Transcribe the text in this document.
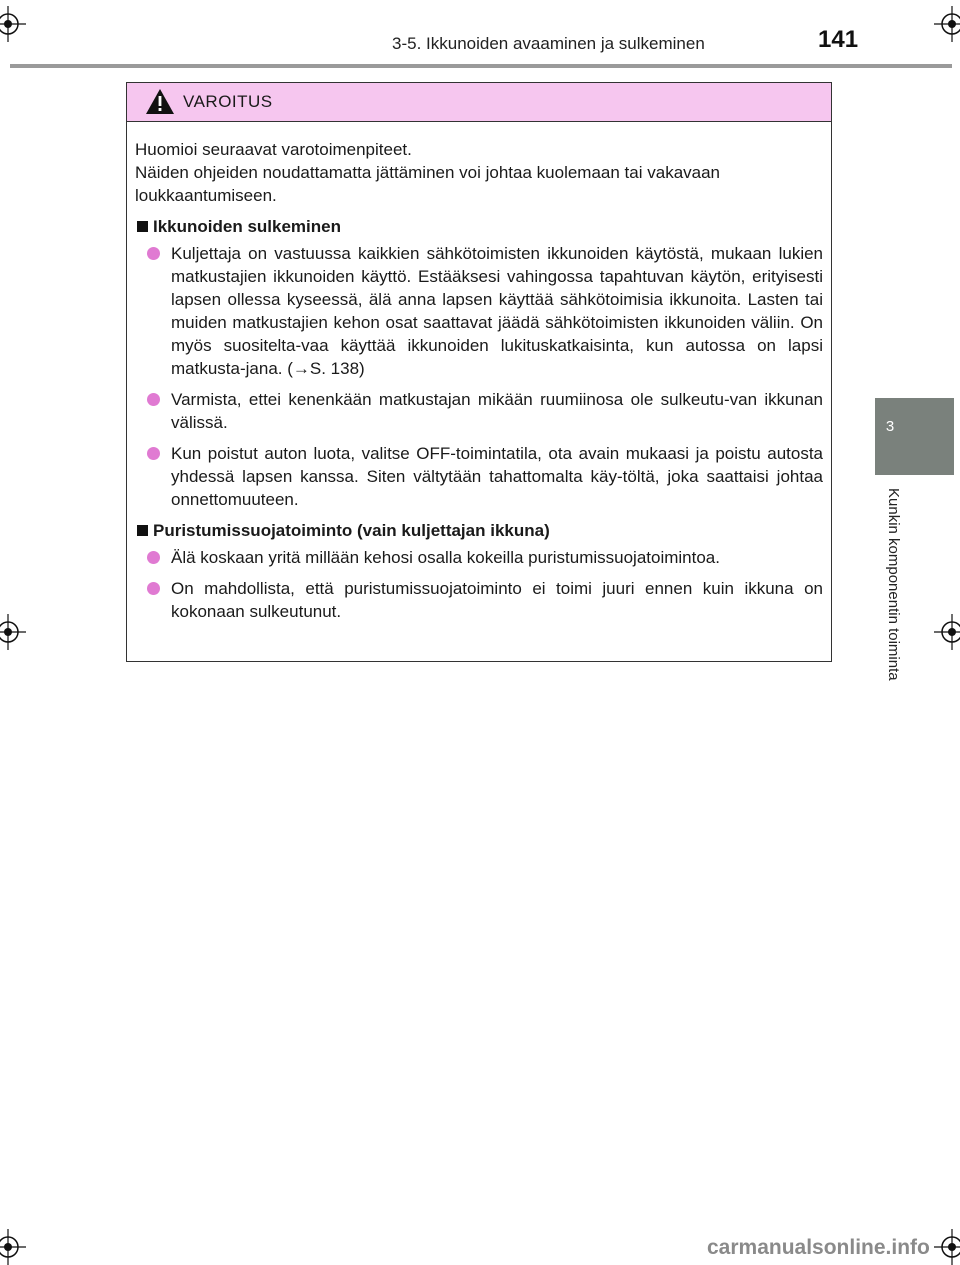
3-5. Ikkunoiden avaaminen ja sulkeminen	141
3
Kunkin komponentin toiminta
VAROITUS

Huomioi seuraavat varotoimenpiteet.
Näiden ohjeiden noudattamatta jättäminen voi johtaa kuolemaan tai vakavaan loukkaantumiseen.

Ikkunoiden sulkeminen

Kuljettaja on vastuussa kaikkien sähkötoimisten ikkunoiden käytöstä, mukaan lukien matkustajien ikkunoiden käyttö. Estääksesi vahingossa tapahtuvan käytön, erityisesti lapsen ollessa kyseessä, älä anna lapsen käyttää sähkötoimisia ikkunoita. Lasten tai muiden matkustajien kehon osat saattavat jäädä sähkötoimisten ikkunoiden väliin. On myös suositelta-vaa käyttää ikkunoiden lukituskatkaisinta, kun autossa on lapsi matkusta-jana. (→S. 138)

Varmista, ettei kenenkään matkustajan mikään ruumiinosa ole sulkeutu-van ikkunan välissä.

Kun poistut auton luota, valitse OFF-toimintatila, ota avain mukaasi ja poistu autosta yhdessä lapsen kanssa. Siten vältytään tahattomalta käy-töltä, joka saattaisi johtaa onnettomuuteen.

Puristumissuojatoiminto (vain kuljettajan ikkuna)

Älä koskaan yritä millään kehosi osalla kokeilla puristumissuojatoimintoa.

On mahdollista, että puristumissuojatoiminto ei toimi juuri ennen kuin ikkuna on kokonaan sulkeutunut.

carmanualsonline.info
